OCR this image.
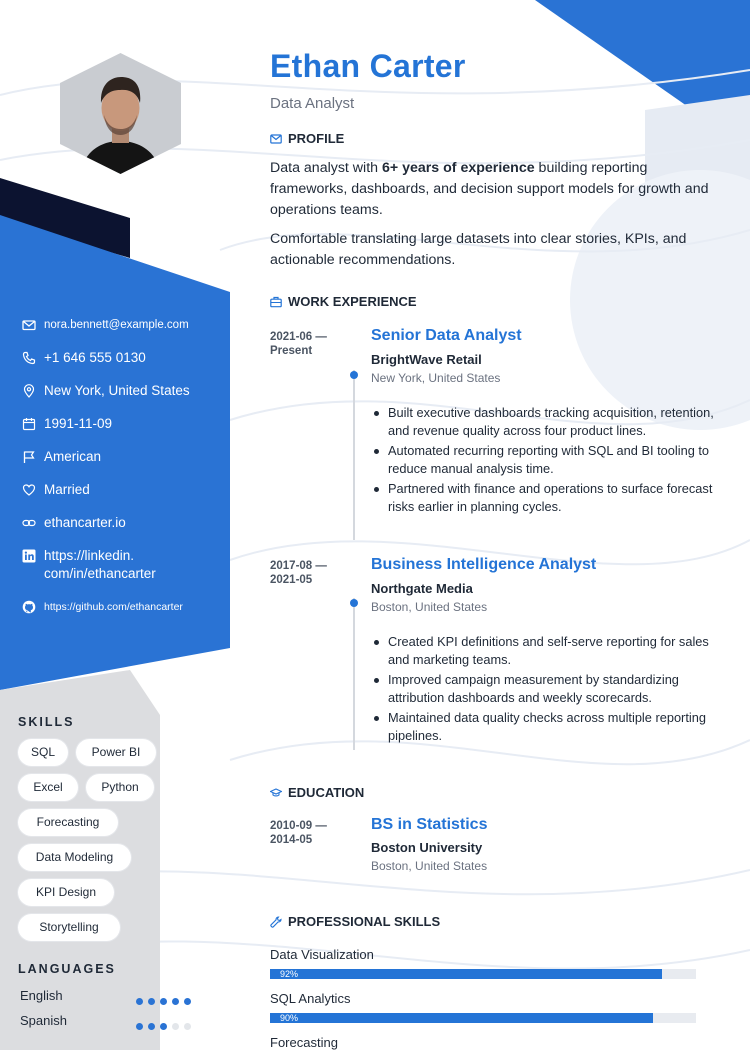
nora.bennett@example.com
+1 646 555 0130
New York, United States
1991-11-09
American
Married
ethancarter.io
https://linkedin.
com/in/ethancarter
https://github.com/ethancarter
SKILLS
SQL	Power BI
Excel	Python
Forecasting
Data Modeling
KPI Design
Storytelling
LANGUAGES
English
Spanish
Ethan Carter
Data Analyst
PROFILE

Data analyst with 6+ years of experience building reporting frameworks, dashboards, and decision support models for growth and operations teams.

Comfortable translating large datasets into clear stories, KPIs, and actionable recommendations.

WORK EXPERIENCE
2021-06 —
Present
Senior Data Analyst
BrightWave Retail
New York, United States
Built executive dashboards tracking acquisition, retention, and revenue quality across four product lines.
Automated recurring reporting with SQL and BI tooling to reduce manual analysis time.
Partnered with finance and operations to surface forecast risks earlier in planning cycles.
2017-08 —
2021-05
Business Intelligence Analyst
Northgate Media
Boston, United States
Created KPI definitions and self-serve reporting for sales and marketing teams.
Improved campaign measurement by standardizing attribution dashboards and weekly scorecards.
Maintained data quality checks across multiple reporting pipelines.
EDUCATION
2010-09 —
2014-05
BS in Statistics
Boston University
Boston, United States
PROFESSIONAL SKILLS
Data Visualization
92%
SQL Analytics
90%
Forecasting
